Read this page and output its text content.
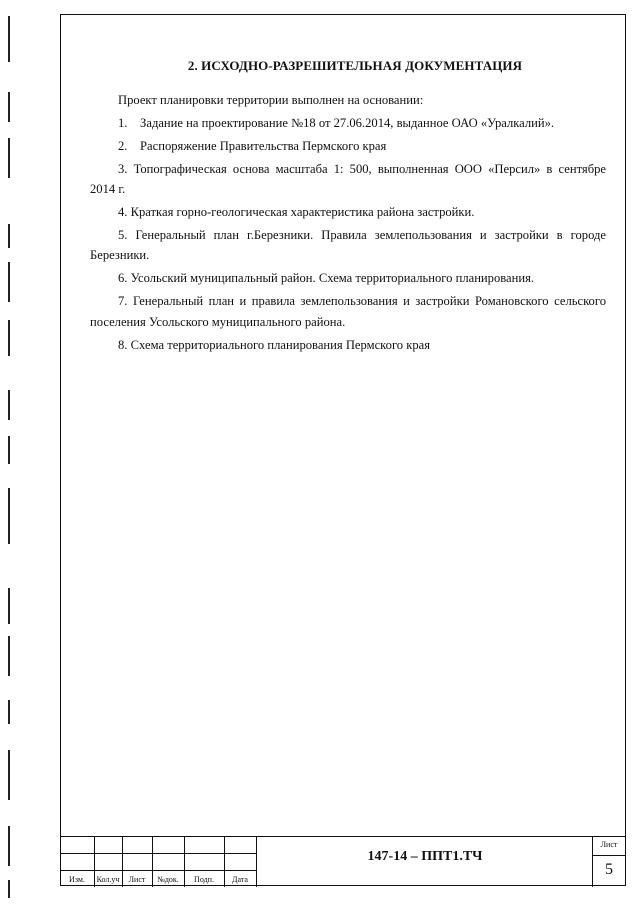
2. ИСХОДНО-РАЗРЕШИТЕЛЬНАЯ ДОКУМЕНТАЦИЯ
Проект планировки территории выполнен на основании:
1.    Задание на проектирование №18 от 27.06.2014, выданное ОАО «Уралкалий».
2.    Распоряжение Правительства Пермского края
3. Топографическая основа масштаба 1: 500, выполненная ООО «Персил» в сентябре
2014 г.
4. Краткая горно-геологическая характеристика района застройки.
5. Генеральный план г.Березники. Правила землепользования и застройки в городе
Березники.
6. Усольский муниципальный район. Схема территориального планирования.
7. Генеральный план и правила землепользования и застройки Романовского сельского
поселения Усольского муниципального района.
8. Схема территориального планирования Пермского края
Изм.	Кол.уч	Лист	№док.	Подп.	Дата
147-14 – ППТ1.ТЧ
Лист
5
